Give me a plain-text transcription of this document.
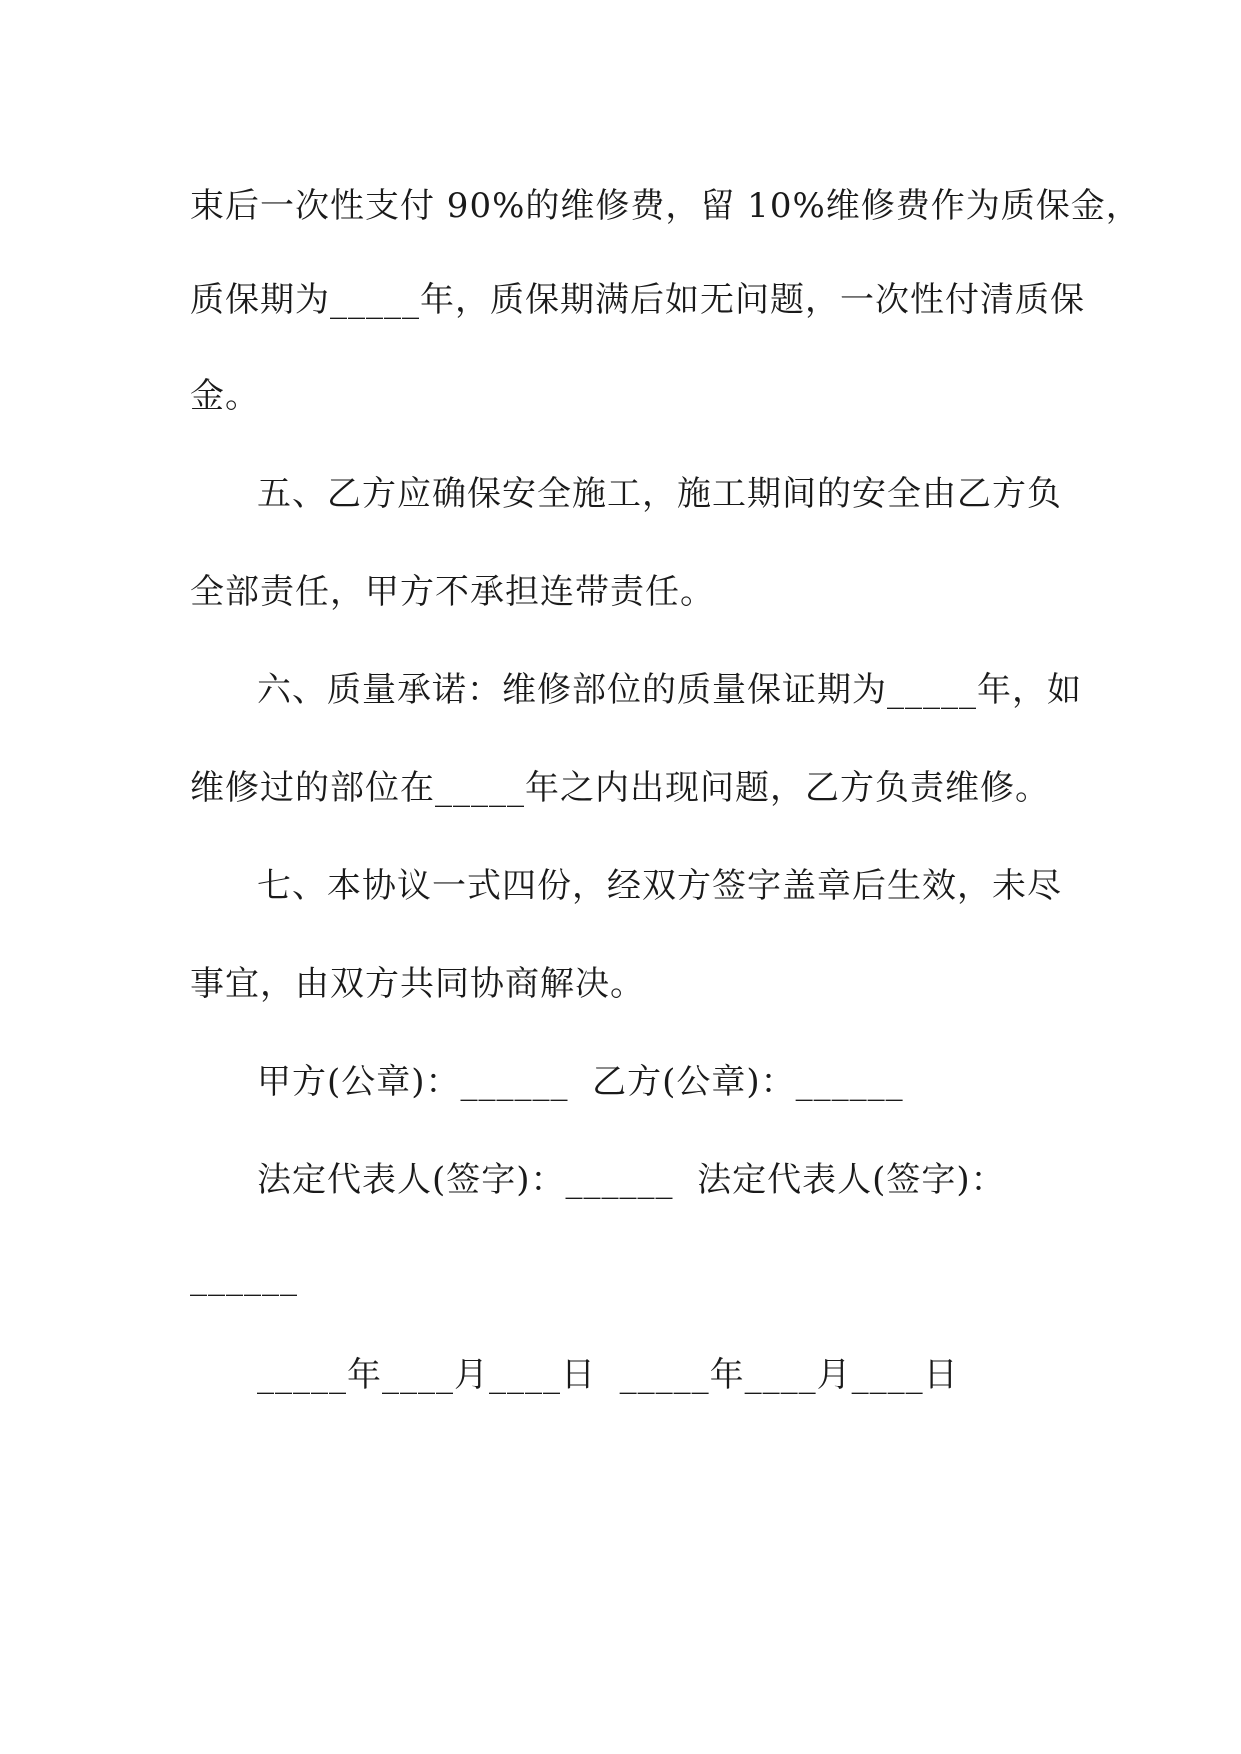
束后一次性支付 90%的维修费，留 10%维修费作为质保金，
质保期为_____年，质保期满后如无问题，一次性付清质保
金。
五、乙方应确保安全施工，施工期间的安全由乙方负
全部责任，甲方不承担连带责任。
六、质量承诺：维修部位的质量保证期为_____年，如
维修过的部位在_____年之内出现问题，乙方负责维修。
七、本协议一式四份，经双方签字盖章后生效，未尽
事宜，由双方共同协商解决。
甲方(公章)：______  乙方(公章)：______
法定代表人(签字)：______  法定代表人(签字)：
______
_____年____月____日  _____年____月____日
